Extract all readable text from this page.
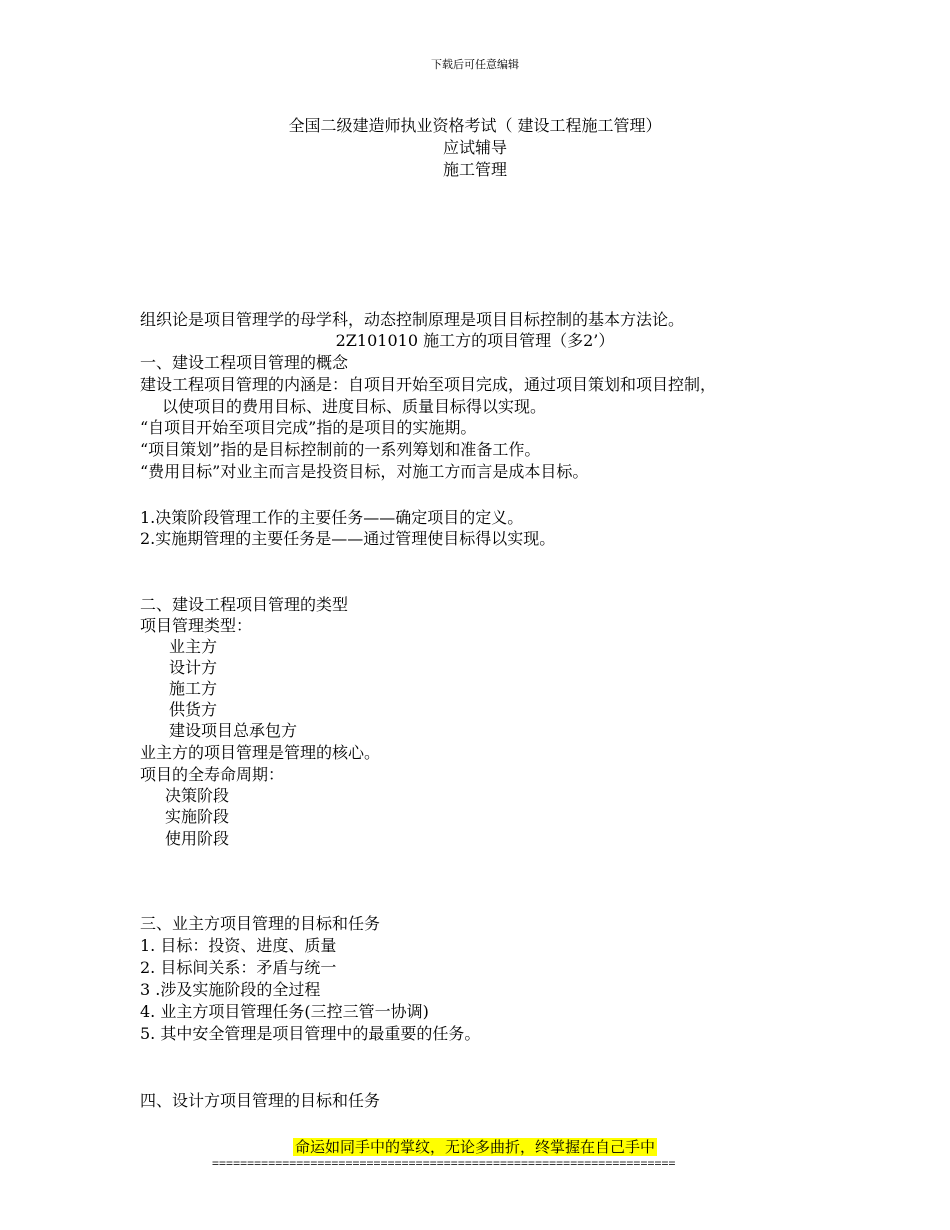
下载后可任意编辑
全国二级建造师执业资格考试（ 建设工程施工管理）
应试辅导
施工管理
组织论是项目管理学的母学科，动态控制原理是项目目标控制的基本方法论。
2Z101010 施工方的项目管理（多2’）
一、建设工程项目管理的概念
建设工程项目管理的内涵是：自项目开始至项目完成，通过项目策划和项目控制，
以使项目的费用目标、进度目标、质量目标得以实现。
“自项目开始至项目完成”指的是项目的实施期。
“项目策划”指的是目标控制前的一系列筹划和准备工作。
“费用目标”对业主而言是投资目标，对施工方而言是成本目标。
1.决策阶段管理工作的主要任务——确定项目的定义。
2.实施期管理的主要任务是——通过管理使目标得以实现。
二、建设工程项目管理的类型
项目管理类型：
业主方
设计方
施工方
供货方
建设项目总承包方
业主方的项目管理是管理的核心。
项目的全寿命周期：
决策阶段
实施阶段
使用阶段
三、业主方项目管理的目标和任务
1. 目标：投资、进度、质量
2. 目标间关系：矛盾与统一
3 .涉及实施阶段的全过程
4. 业主方项目管理任务(三控三管一协调)
5. 其中安全管理是项目管理中的最重要的任务。
四、设计方项目管理的目标和任务
命运如同手中的掌纹，无论多曲折，终掌握在自己手中
==================================================================
